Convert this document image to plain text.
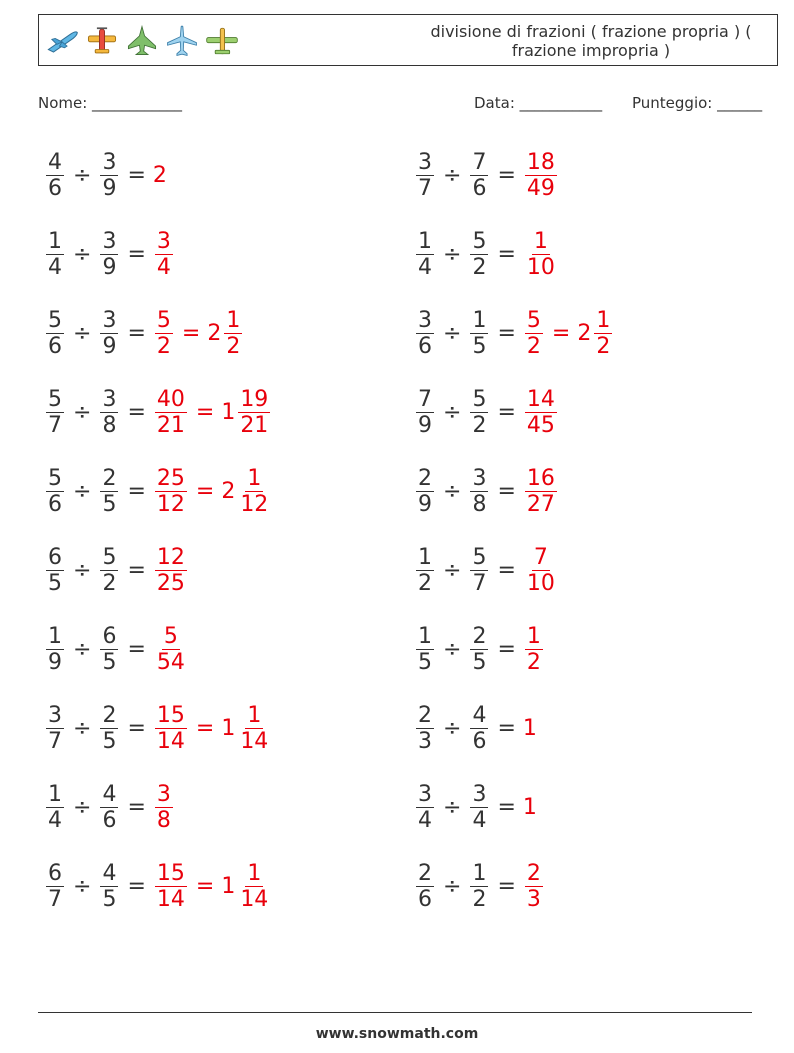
divisione di frazioni ( frazione propria ) ( frazione impropria )
Nome: ____________	Data: ___________ Punteggio: ______
$\frac{4}{6} \div \frac{3}{9} = 2$	$\frac{3}{7} \div \frac{7}{6} = \frac{18}{49}$
$\frac{1}{4} \div \frac{3}{9} = \frac{3}{4}$	$\frac{1}{4} \div \frac{5}{2} = \frac{1}{10}$
$\frac{5}{6} \div \frac{3}{9} = \frac{5}{2} = 2 \frac{1}{2}$	$\frac{3}{6} \div \frac{1}{5} = \frac{5}{2} = 2 \frac{1}{2}$
$\frac{5}{7} \div \frac{3}{8} = \frac{40}{21} = 1 \frac{19}{21}$	$\frac{7}{9} \div \frac{5}{2} = \frac{14}{45}$
$\frac{5}{6} \div \frac{2}{5} = \frac{25}{12} = 2 \frac{1}{12}$	$\frac{2}{9} \div \frac{3}{8} = \frac{16}{27}$
$\frac{6}{5} \div \frac{5}{2} = \frac{12}{25}$	$\frac{1}{2} \div \frac{5}{7} = \frac{7}{10}$
$\frac{1}{9} \div \frac{6}{5} = \frac{5}{54}$	$\frac{1}{5} \div \frac{2}{5} = \frac{1}{2}$
$\frac{3}{7} \div \frac{2}{5} = \frac{15}{14} = 1 \frac{1}{14}$	$\frac{2}{3} \div \frac{4}{6} = 1$
$\frac{1}{4} \div \frac{4}{6} = \frac{3}{8}$	$\frac{3}{4} \div \frac{3}{4} = 1$
$\frac{6}{7} \div \frac{4}{5} = \frac{15}{14} = 1 \frac{1}{14}$	$\frac{2}{6} \div \frac{1}{2} = \frac{2}{3}$
www.snowmath.com
